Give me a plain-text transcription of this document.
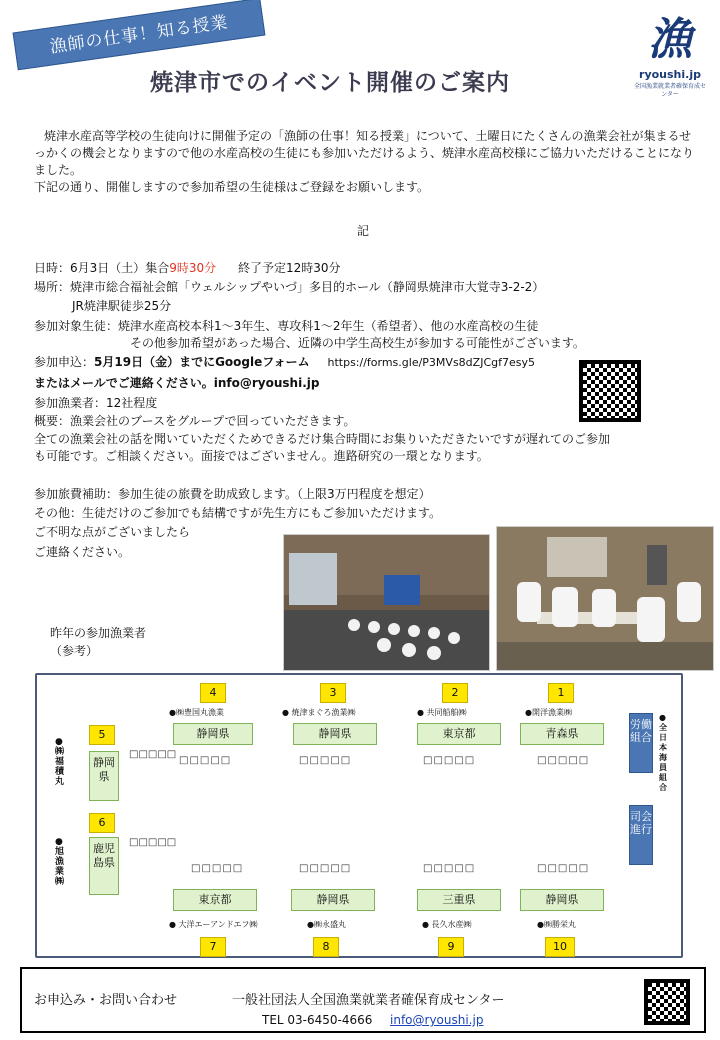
漁師の仕事！知る授業
焼津市でのイベント開催のご案内
漁
ryoushi.jp
全国漁業就業者確保育成センター

焼津水産高等学校の生徒向けに開催予定の「漁師の仕事！知る授業」について、土曜日にたくさんの漁業会社が集まるせっかくの機会となりますので他の水産高校の生徒にも参加いただけるよう、焼津水産高校様にご協力いただけることになりました。

下記の通り、開催しますので参加希望の生徒様はご登録をお願いします。

記
日時：6月3日（土）集合9時30分 終了予定12時30分
場所：焼津市総合福祉会館「ウェルシップやいづ」多目的ホール（静岡県焼津市大覚寺3-2-2）
JR焼津駅徒歩25分
参加対象生徒：焼津水産高校本科1～3年生、専攻科1～2年生（希望者）、他の水産高校の生徒
その他参加希望があった場合、近隣の中学生高校生が参加する可能性がございます。
参加申込：5月19日（金）までにGoogleフォーム https://forms.gle/P3MVs8dZJCgf7esy5
またはメールでご連絡ください。info@ryoushi.jp
参加漁業者：12社程度
概要：漁業会社のブースをグループで回っていただきます。
全ての漁業会社の話を聞いていただくためできるだけ集合時間にお集りいただきたいですが遅れてのご参加
も可能です。ご相談ください。面接ではございません。進路研究の一環となります。
参加旅費補助：参加生徒の旅費を助成致します。（上限3万円程度を想定）
その他：生徒だけのご参加でも結構ですが先生方にもご参加いただけます。
ご不明な点がございましたら
ご連絡ください。
昨年の参加漁業者
（参考）
4
●㈱豊国丸漁業
静岡県
□□□□□
3
● 焼津まぐろ漁業㈱
静岡県
□□□□□
2
● 共同船舶㈱
東京都
□□□□□
1
●開洋漁業㈱
青森県
□□□□□
●㈱福積丸
5
静岡県
□□□□□
●旭漁業㈱
6
鹿児島県
□□□□□
□□□□□
東京都
● 大洋エーアンドエフ㈱
7
□□□□□
静岡県
●㈱永盛丸
8
□□□□□
三重県
● 長久水産㈱
9
□□□□□
静岡県
●㈱勝栄丸
10
労働組合
●全日本海員組合
司会進行
お申込み・お問い合わせ	一般社団法人全国漁業就業者確保育成センター
TEL 03-6450-4666 info@ryoushi.jp
